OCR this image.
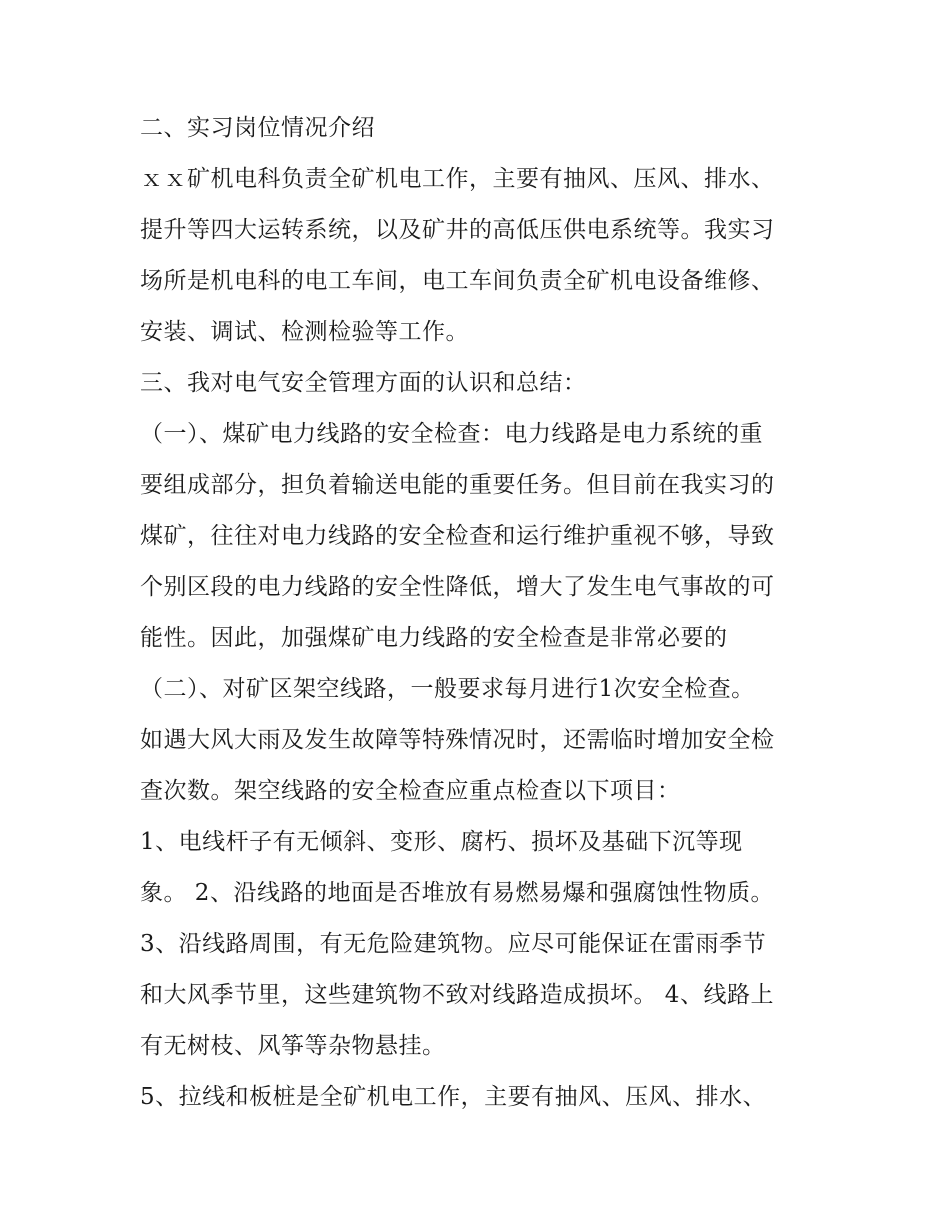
二、实习岗位情况介绍
ｘｘ矿机电科负责全矿机电工作，主要有抽风、压风、排水、
提升等四大运转系统，以及矿井的高低压供电系统等。我实习
场所是机电科的电工车间，电工车间负责全矿机电设备维修、
安装、调试、检测检验等工作。
三、我对电气安全管理方面的认识和总结：
（一）、煤矿电力线路的安全检查：电力线路是电力系统的重
要组成部分，担负着输送电能的重要任务。但目前在我实习的
煤矿，往往对电力线路的安全检查和运行维护重视不够，导致
个别区段的电力线路的安全性降低，增大了发生电气事故的可
能性。因此，加强煤矿电力线路的安全检查是非常必要的
（二）、对矿区架空线路，一般要求每月进行1次安全检查。
如遇大风大雨及发生故障等特殊情况时，还需临时增加安全检
查次数。架空线路的安全检查应重点检查以下项目：
1、电线杆子有无倾斜、变形、腐朽、损坏及基础下沉等现
象。 2、沿线路的地面是否堆放有易燃易爆和强腐蚀性物质。
3、沿线路周围，有无危险建筑物。应尽可能保证在雷雨季节
和大风季节里，这些建筑物不致对线路造成损坏。 4、线路上
有无树枝、风筝等杂物悬挂。
5、拉线和板桩是全矿机电工作，主要有抽风、压风、排水、
